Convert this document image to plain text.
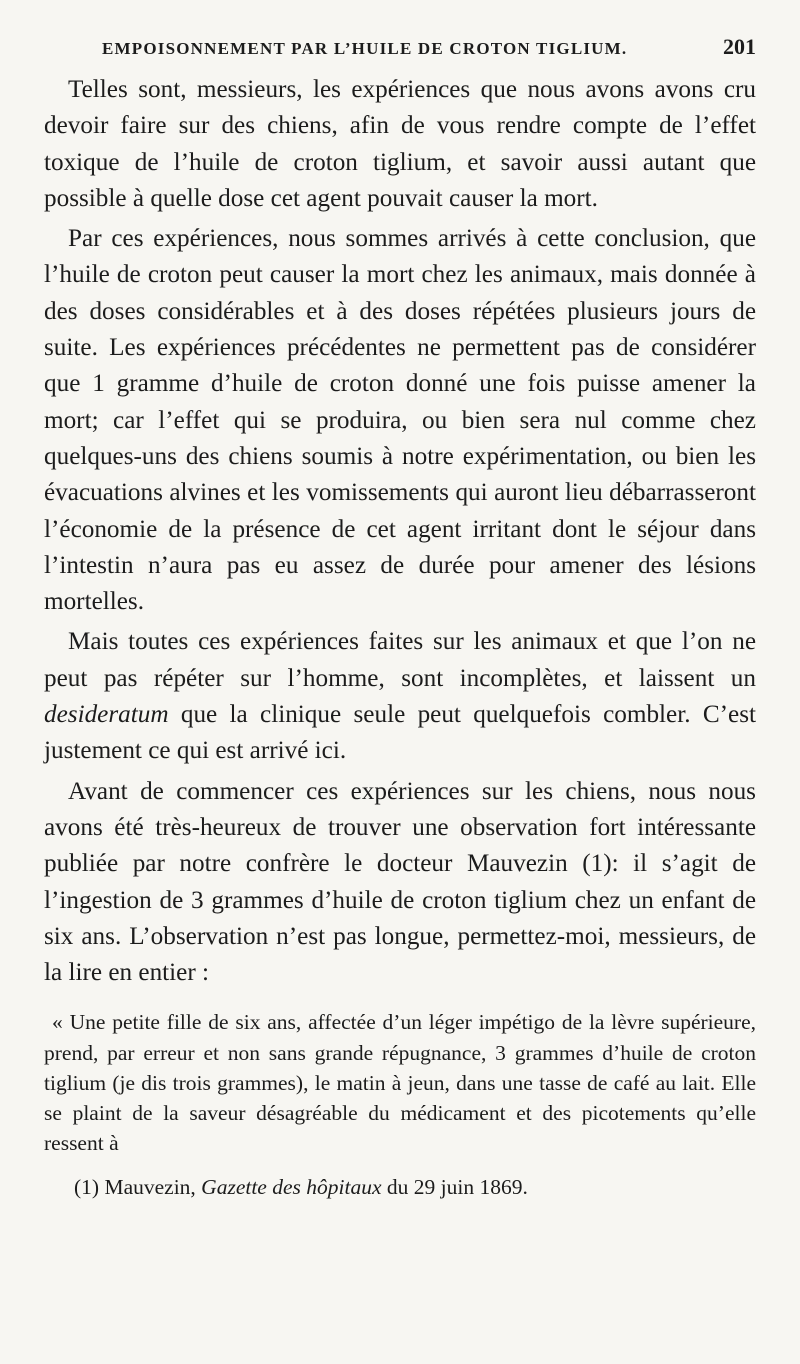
EMPOISONNEMENT PAR L’HUILE DE CROTON TIGLIUM.	201

Telles sont, messieurs, les expériences que nous avons avons cru devoir faire sur des chiens, afin de vous rendre compte de l’effet toxique de l’huile de croton tiglium, et savoir aussi autant que possible à quelle dose cet agent pouvait causer la mort.

Par ces expériences, nous sommes arrivés à cette conclusion, que l’huile de croton peut causer la mort chez les animaux, mais donnée à des doses considérables et à des doses répétées plusieurs jours de suite. Les expériences précédentes ne permettent pas de considérer que 1 gramme d’huile de croton donné une fois puisse amener la mort; car l’effet qui se produira, ou bien sera nul comme chez quelques-uns des chiens soumis à notre expérimentation, ou bien les évacuations alvines et les vomissements qui auront lieu débarrasseront l’économie de la présence de cet agent irritant dont le séjour dans l’intestin n’aura pas eu assez de durée pour amener des lésions mortelles.

Mais toutes ces expériences faites sur les animaux et que l’on ne peut pas répéter sur l’homme, sont incomplètes, et laissent un desideratum que la clinique seule peut quelquefois combler. C’est justement ce qui est arrivé ici.

Avant de commencer ces expériences sur les chiens, nous nous avons été très-heureux de trouver une observation fort intéressante publiée par notre confrère le docteur Mauvezin (1): il s’agit de l’ingestion de 3 grammes d’huile de croton tiglium chez un enfant de six ans. L’observation n’est pas longue, permettez-moi, messieurs, de la lire en entier :

« Une petite fille de six ans, affectée d’un léger impétigo de la lèvre supérieure, prend, par erreur et non sans grande répugnance, 3 grammes d’huile de croton tiglium (je dis trois grammes), le matin à jeun, dans une tasse de café au lait. Elle se plaint de la saveur désagréable du médicament et des picotements qu’elle ressent à

(1) Mauvezin, Gazette des hôpitaux du 29 juin 1869.
